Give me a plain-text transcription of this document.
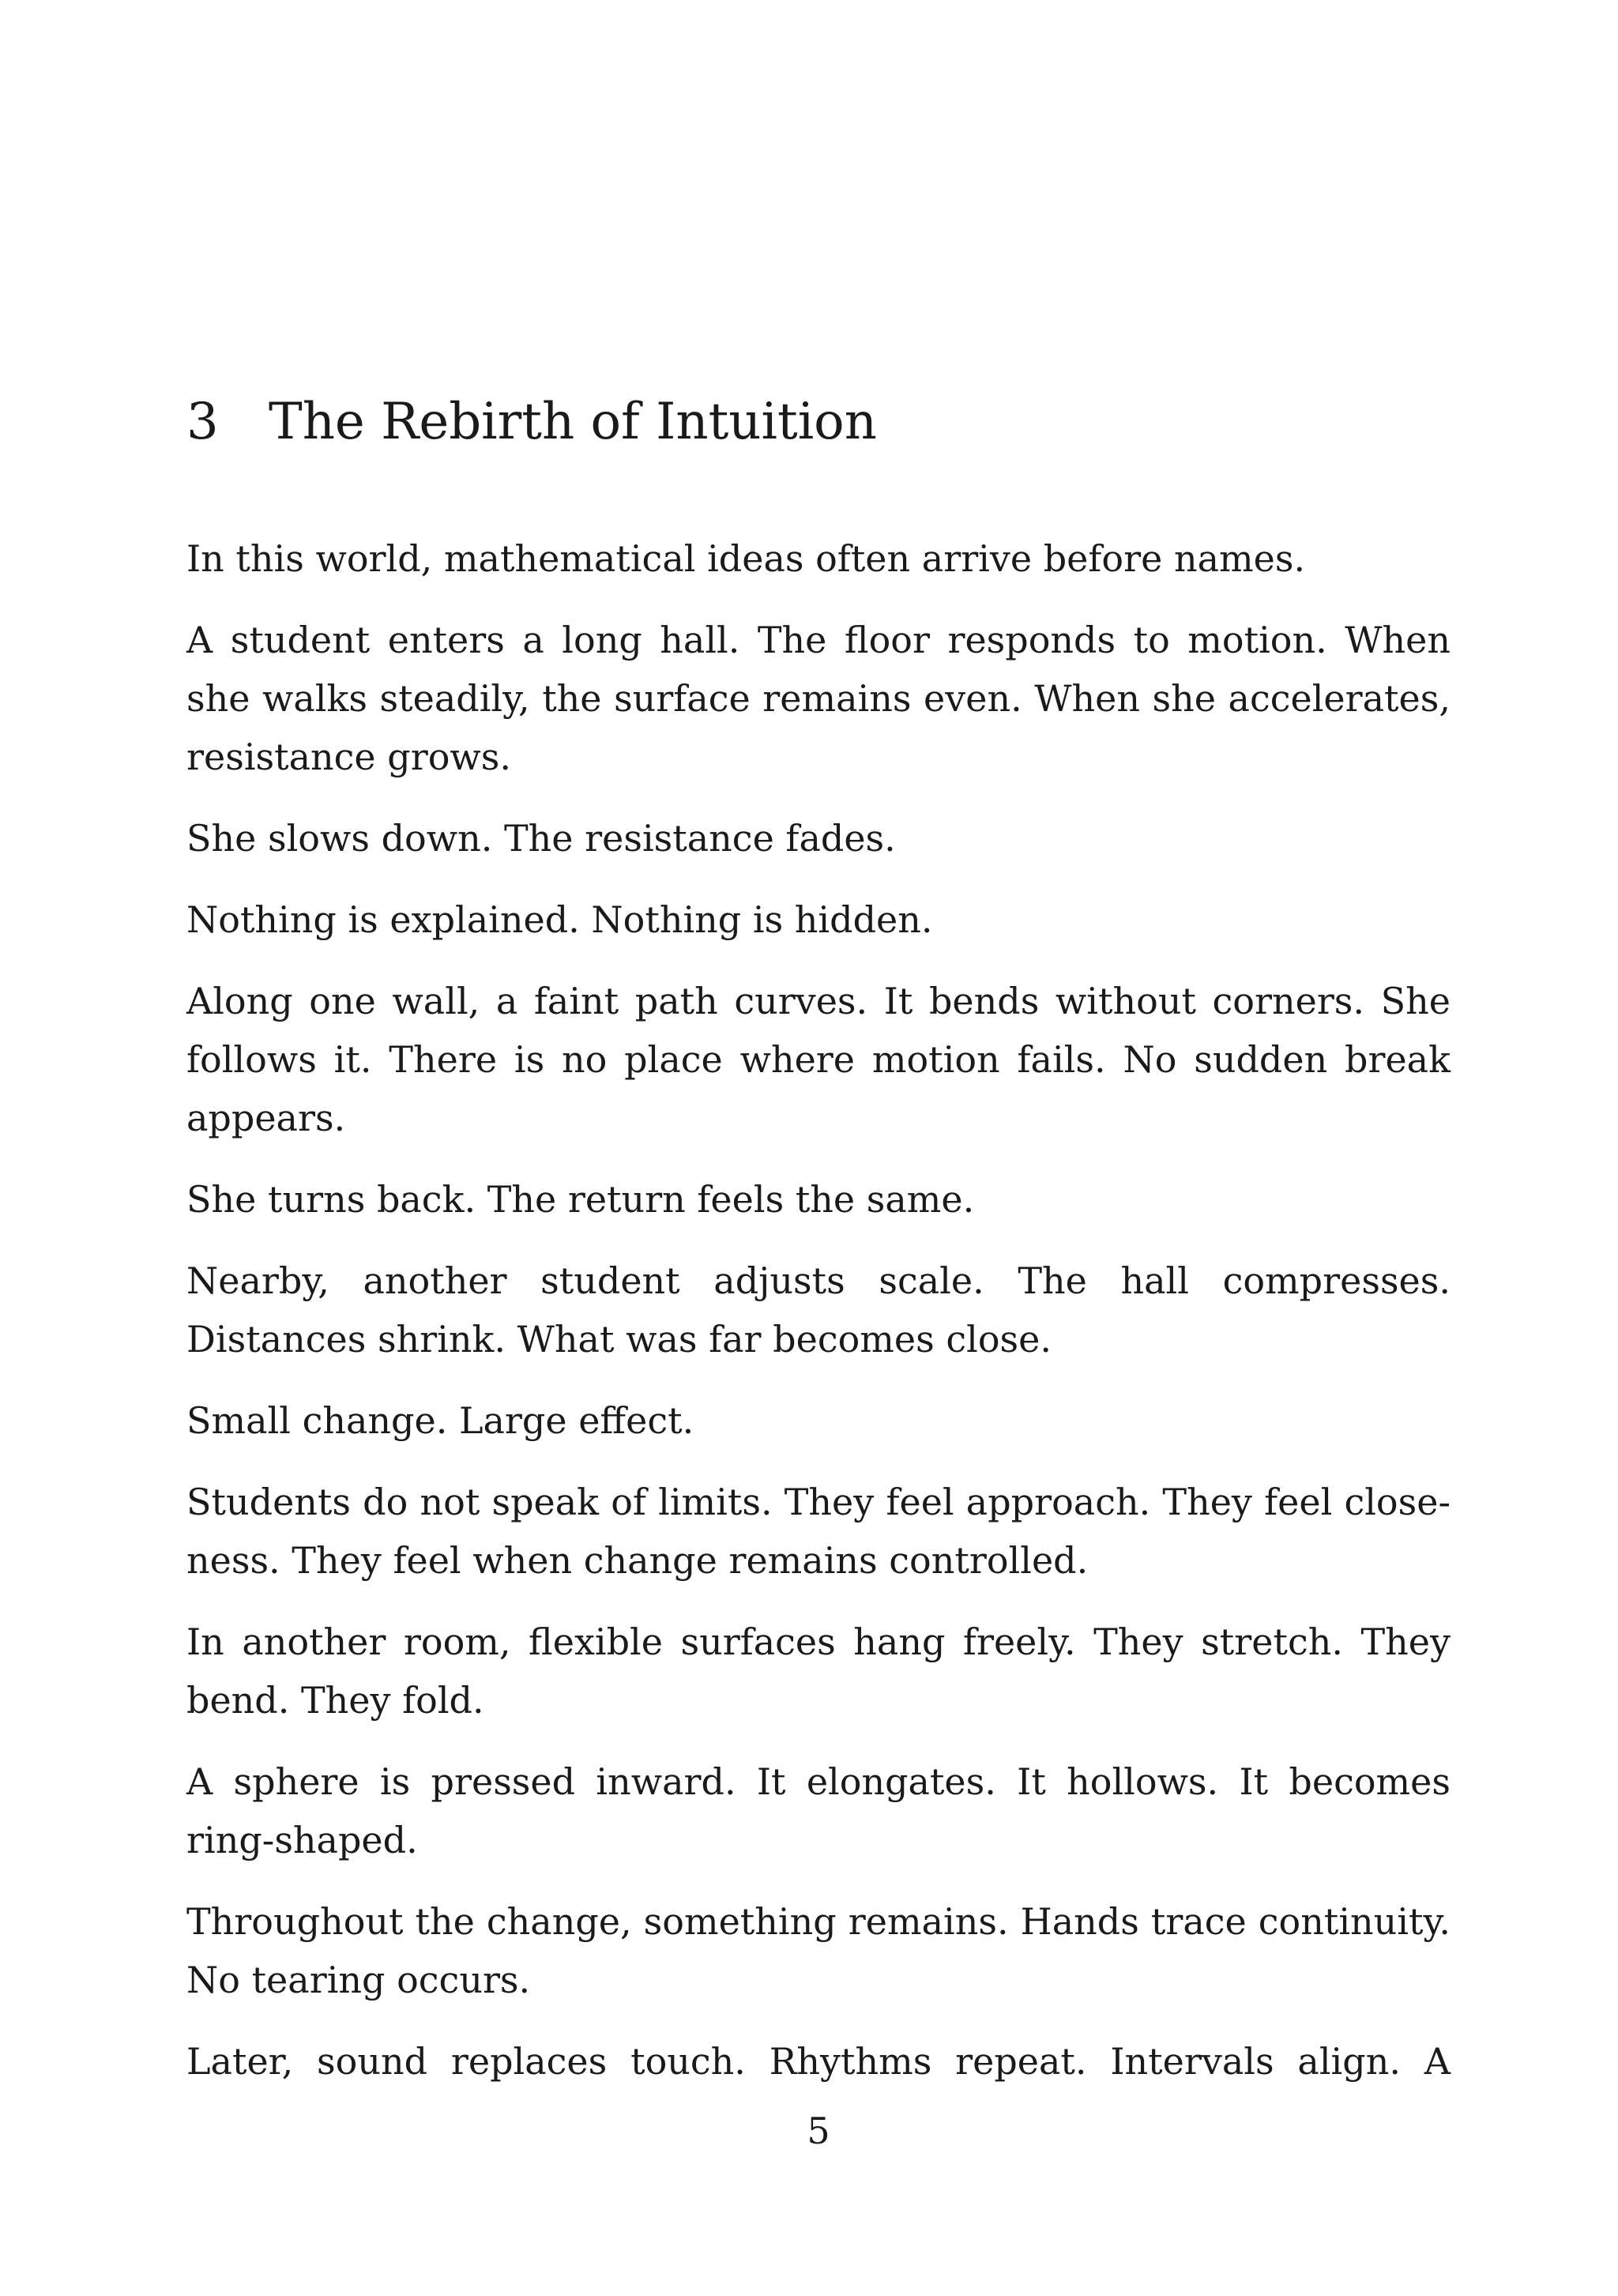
3 The Rebirth of Intuition

In this world, mathematical ideas often arrive before names.

A student enters a long hall. The floor responds to motion. When she walks steadily, the surface remains even. When she accelerates, resistance grows.

She slows down. The resistance fades.

Nothing is explained. Nothing is hidden.

Along one wall, a faint path curves. It bends without corners. She follows it. There is no place where motion fails. No sudden break appears.

She turns back. The return feels the same.

Nearby, another student adjusts scale. The hall compresses. Distances shrink. What was far becomes close.

Small change. Large effect.

Students do not speak of limits. They feel approach. They feel closeness. They feel when change remains controlled.

In another room, flexible surfaces hang freely. They stretch. They bend. They fold.

A sphere is pressed inward. It elongates. It hollows. It becomes ring-shaped.

Throughout the change, something remains. Hands trace continuity. No tearing occurs.

Later, sound replaces touch. Rhythms repeat. Intervals align. A

5
